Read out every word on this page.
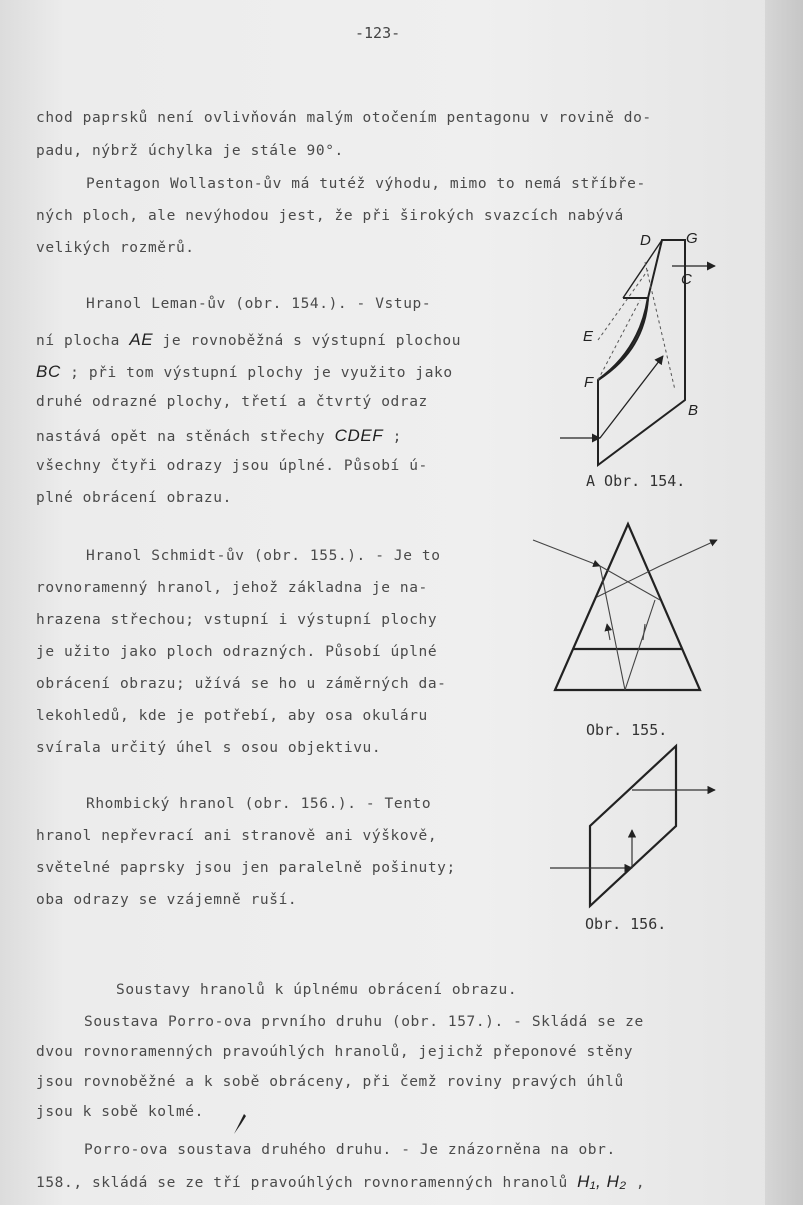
-123-
chod paprsků není ovlivňován malým otočením pentagonu v rovině do-
padu, nýbrž úchylka je stále 90°.
Pentagon Wollaston-ův má tutéž výhodu, mimo to nemá stříbře-
ných ploch, ale nevýhodou jest, že při širokých svazcích nabývá
velikých rozměrů.
Hranol Leman-ův (obr. 154.). - Vstup-
ní plocha AE je rovnoběžná s výstupní plochou
BC ; při tom výstupní plochy je využito jako
druhé odrazné plochy, třetí a čtvrtý odraz
nastává opět na stěnách střechy CDEF ;
všechny čtyři odrazy jsou úplné. Působí ú-
plné obrácení obrazu.
Hranol Schmidt-ův (obr. 155.). - Je to
rovnoramenný hranol, jehož základna je na-
hrazena střechou; vstupní i výstupní plochy
je užito jako ploch odrazných. Působí úplné
obrácení obrazu; užívá se ho u záměrných da-
lekohledů, kde je potřebí, aby osa okuláru
svírala určitý úhel s osou objektivu.
Rhombický hranol (obr. 156.). - Tento
hranol nepřevrací ani stranově ani výškově,
světelné paprsky jsou jen paralelně pošinuty;
oba odrazy se vzájemně ruší.
Soustavy hranolů k úplnému obrácení obrazu.
Soustava Porro-ova prvního druhu (obr. 157.). - Skládá se ze
dvou rovnoramenných pravoúhlých hranolů, jejichž přeponové stěny
jsou rovnoběžné a k sobě obráceny, při čemž roviny pravých úhlů
jsou k sobě kolmé.
Porro-ova soustava druhého druhu. - Je znázorněna na obr.
158., skládá se ze tří pravoúhlých rovnoramenných hranolů H₁, H₂ ,
D G
C
E
F
B
A Obr. 154.
Obr. 155.
Obr. 156.
